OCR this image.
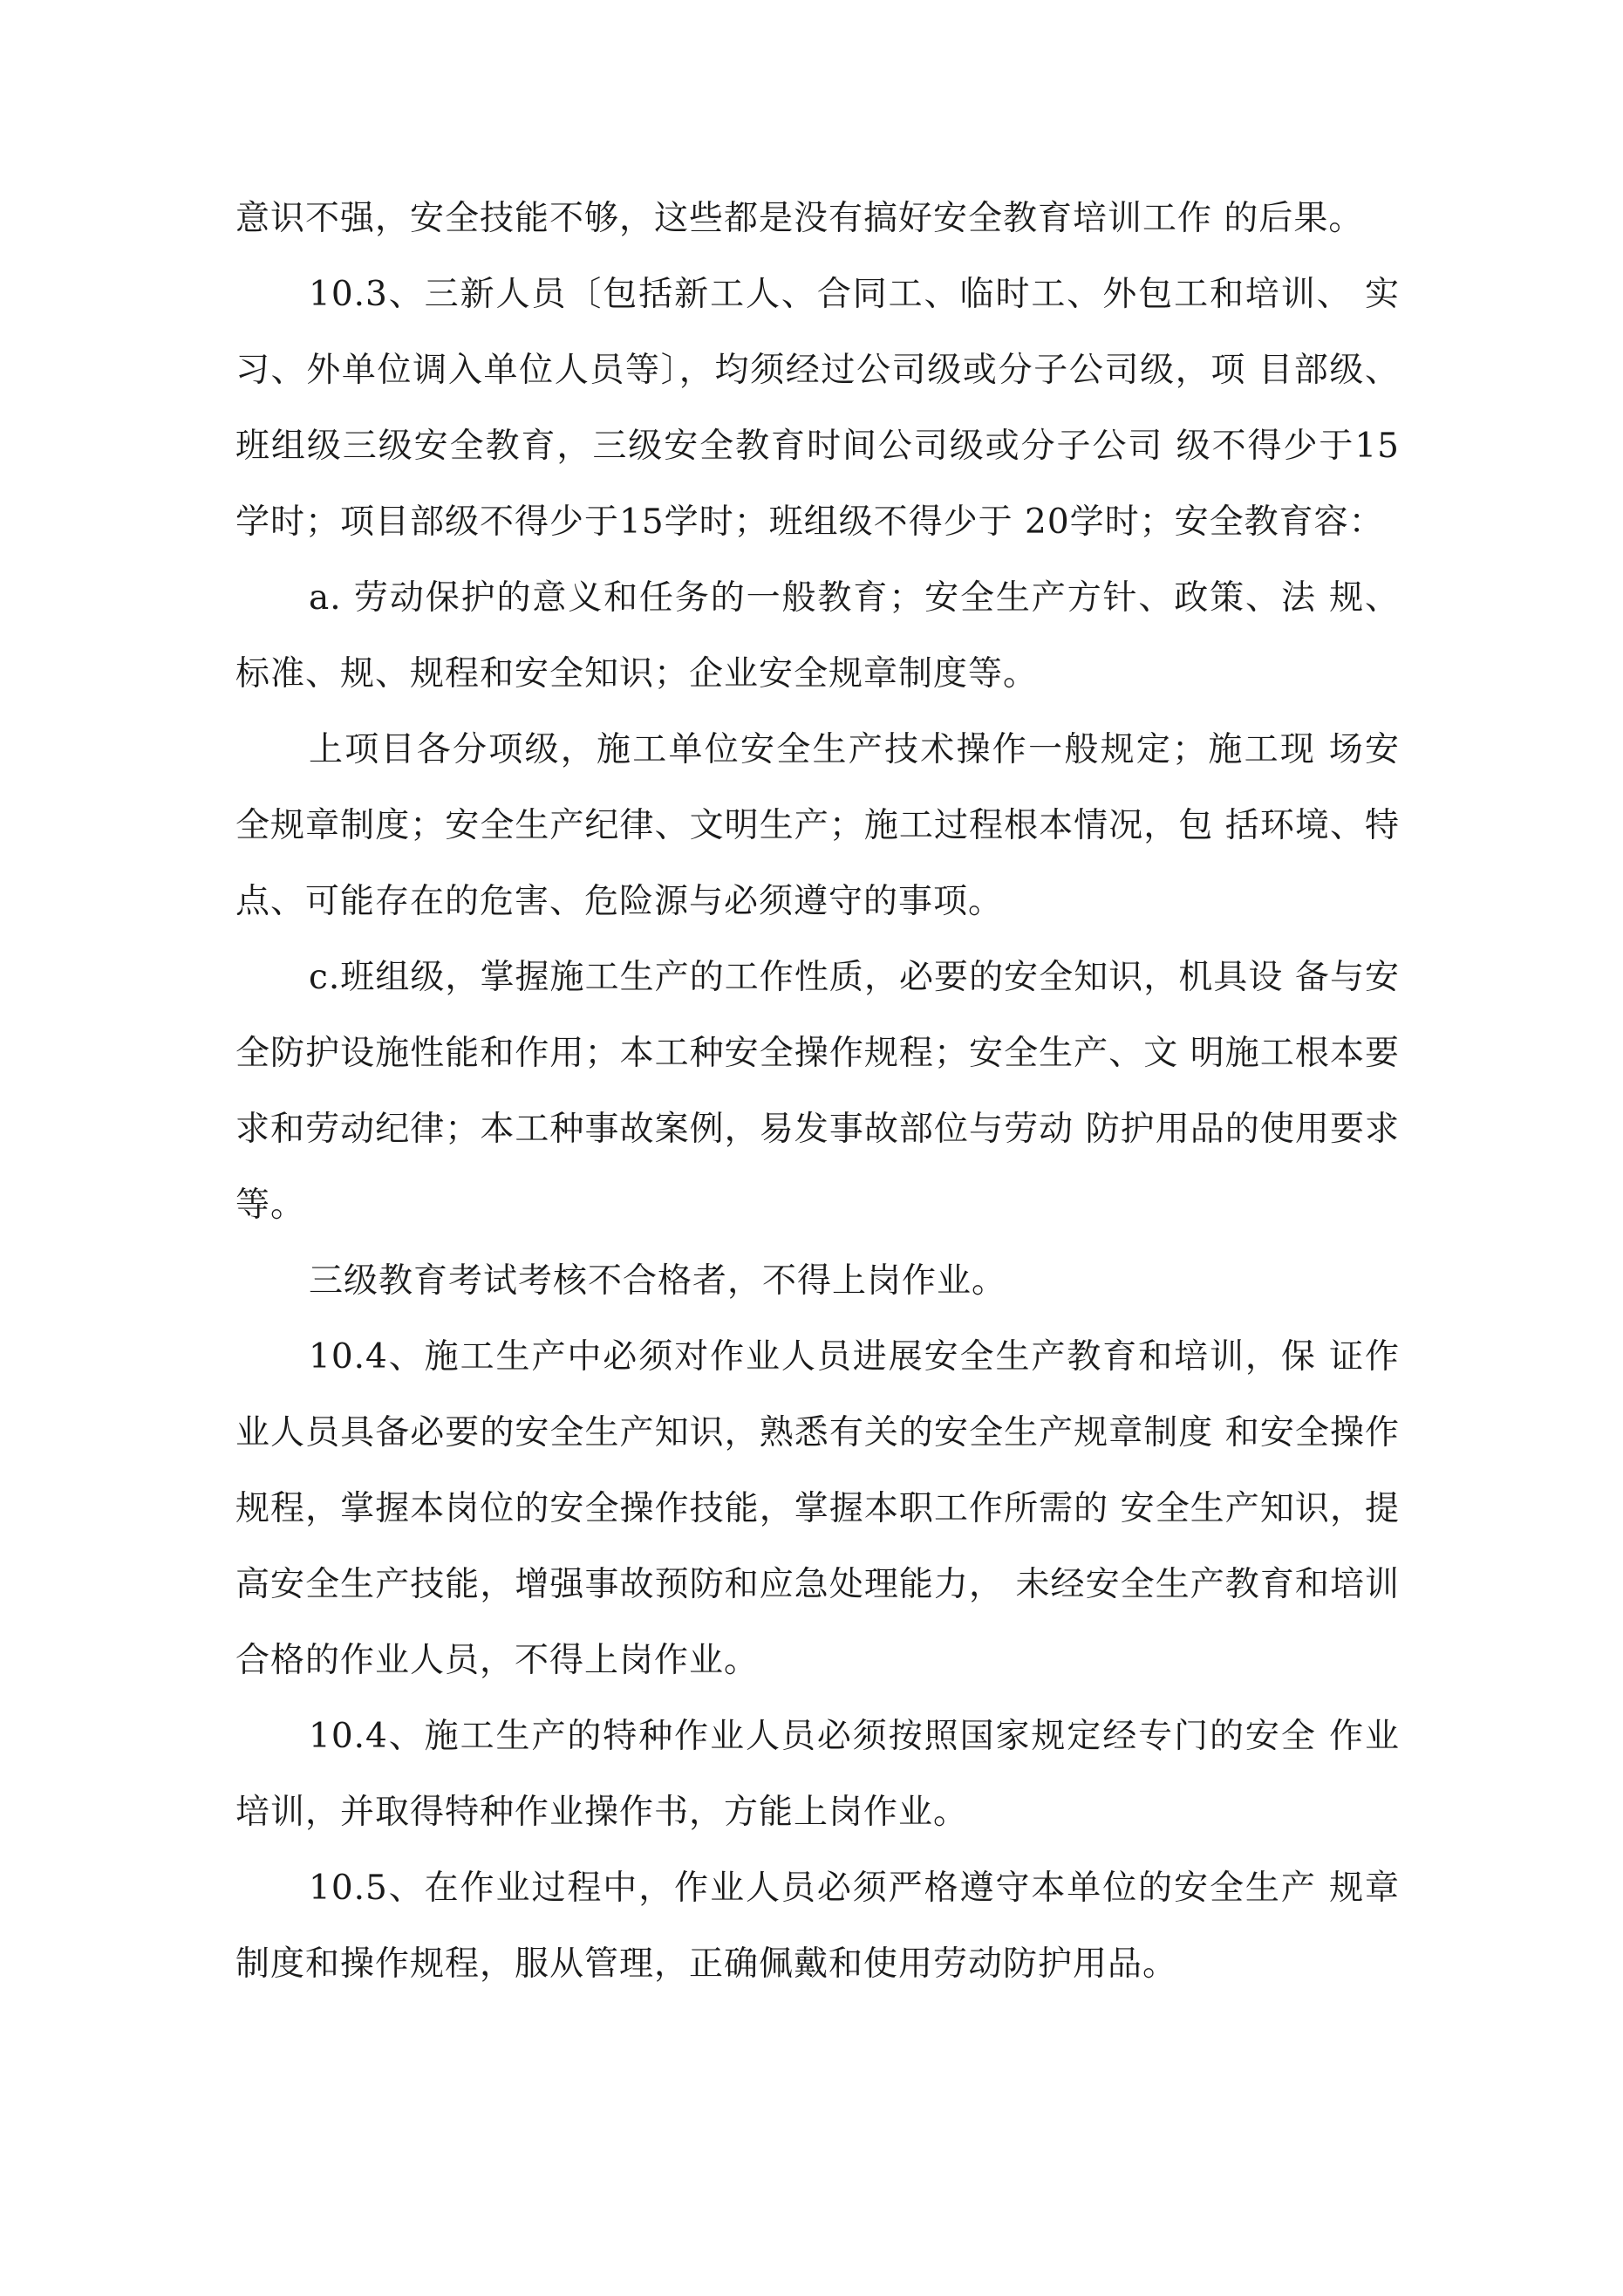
意识不强，安全技能不够，这些都是没有搞好安全教育培训工作 的后果。

10.3、三新人员〔包括新工人、合同工、临时工、外包工和培训、 实习、外单位调入单位人员等〕，均须经过公司级或分子公司级，项 目部级、班组级三级安全教育，三级安全教育时间公司级或分子公司 级不得少于15学时；项目部级不得少于15学时；班组级不得少于 20学时；安全教育容：

a. 劳动保护的意义和任务的一般教育；安全生产方针、政策、法 规、标准、规、规程和安全知识；企业安全规章制度等。

上项目各分项级，施工单位安全生产技术操作一般规定；施工现 场安全规章制度；安全生产纪律、文明生产；施工过程根本情况，包 括环境、特点、可能存在的危害、危险源与必须遵守的事项。

c.班组级，掌握施工生产的工作性质，必要的安全知识，机具设 备与安全防护设施性能和作用；本工种安全操作规程；安全生产、文 明施工根本要求和劳动纪律；本工种事故案例，易发事故部位与劳动 防护用品的使用要求等。

三级教育考试考核不合格者，不得上岗作业。

10.4、施工生产中必须对作业人员进展安全生产教育和培训，保 证作业人员具备必要的安全生产知识，熟悉有关的安全生产规章制度 和安全操作规程，掌握本岗位的安全操作技能，掌握本职工作所需的 安全生产知识，提高安全生产技能，增强事故预防和应急处理能力， 未经安全生产教育和培训合格的作业人员，不得上岗作业。

10.4、施工生产的特种作业人员必须按照国家规定经专门的安全 作业培训，并取得特种作业操作书，方能上岗作业。

10.5、在作业过程中，作业人员必须严格遵守本单位的安全生产 规章制度和操作规程，服从管理，正确佩戴和使用劳动防护用品。
